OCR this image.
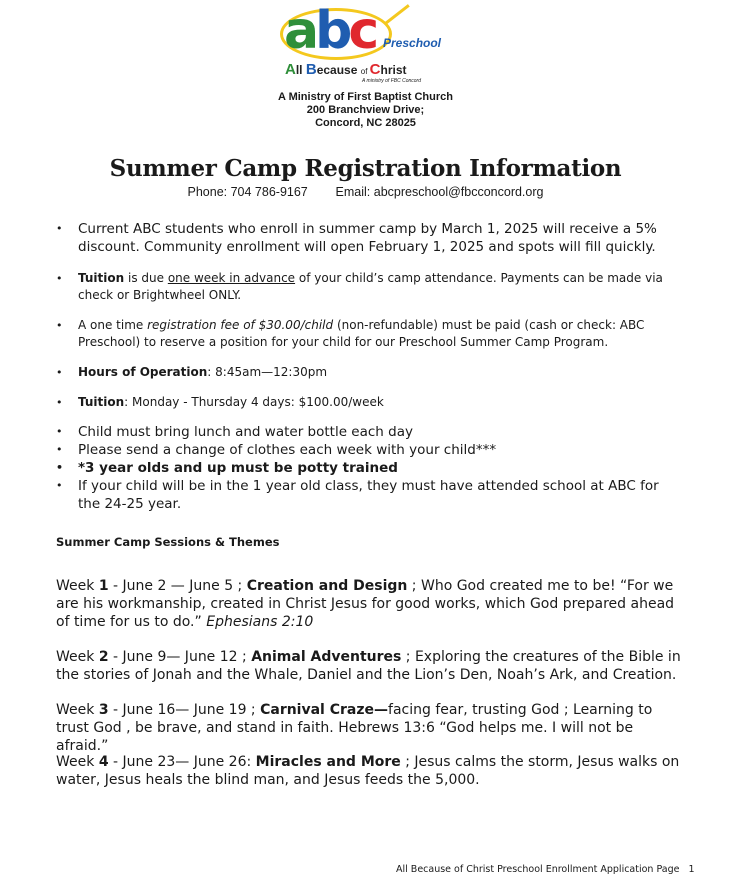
abc Preschool
All Because of Christ
A ministry of FBC Concord
A Ministry of First Baptist Church
200 Branchview Drive;
Concord, NC 28025
Summer Camp Registration Information
Phone: 704 786-9167        Email: abcpreschool@fbcconcord.org
• Current ABC students who enroll in summer camp by March 1, 2025 will receive a 5% discount. Community enrollment will open February 1, 2025 and spots will fill quickly.
• Tuition is due one week in advance of your child’s camp attendance. Payments can be made via check or Brightwheel ONLY.
• A one time registration fee of $30.00/child (non-refundable) must be paid (cash or check: ABC Preschool) to reserve a position for your child for our Preschool Summer Camp Program.
• Hours of Operation: 8:45am—12:30pm
• Tuition: Monday - Thursday 4 days: $100.00/week
• Child must bring lunch and water bottle each day
• Please send a change of clothes each week with your child***
• *3 year olds and up must be potty trained
• If your child will be in the 1 year old class, they must have attended school at ABC for the 24-25 year.
Summer Camp Sessions & Themes
Week 1 - June 2 — June 5 ; Creation and Design ; Who God created me to be! “For we are his workmanship, created in Christ Jesus for good works, which God prepared ahead of time for us to do.” Ephesians 2:10
Week 2 - June 9— June 12 ; Animal Adventures ; Exploring the creatures of the Bible in the stories of Jonah and the Whale, Daniel and the Lion’s Den, Noah’s Ark, and Creation.
Week 3 - June 16— June 19 ; Carnival Craze—facing fear, trusting God ; Learning to trust God , be brave, and stand in faith. Hebrews 13:6 “God helps me. I will not be afraid.”
Week 4 - June 23— June 26: Miracles and More ; Jesus calms the storm, Jesus walks on water, Jesus heals the blind man, and Jesus feeds the 5,000.
All Because of Christ Preschool Enrollment Application Page   1
